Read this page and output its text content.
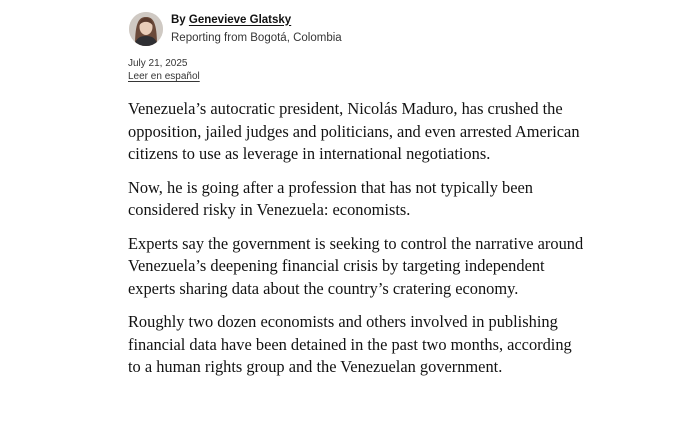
By Genevieve Glatsky
Reporting from Bogotá, Colombia
July 21, 2025
Leer en español

Venezuela’s autocratic president, Nicolás Maduro, has crushed the opposition, jailed judges and politicians, and even arrested American citizens to use as leverage in international negotiations.

Now, he is going after a profession that has not typically been considered risky in Venezuela: economists.

Experts say the government is seeking to control the narrative around Venezuela’s deepening financial crisis by targeting independent experts sharing data about the country’s cratering economy.

Roughly two dozen economists and others involved in publishing financial data have been detained in the past two months, according to a human rights group and the Venezuelan government.
